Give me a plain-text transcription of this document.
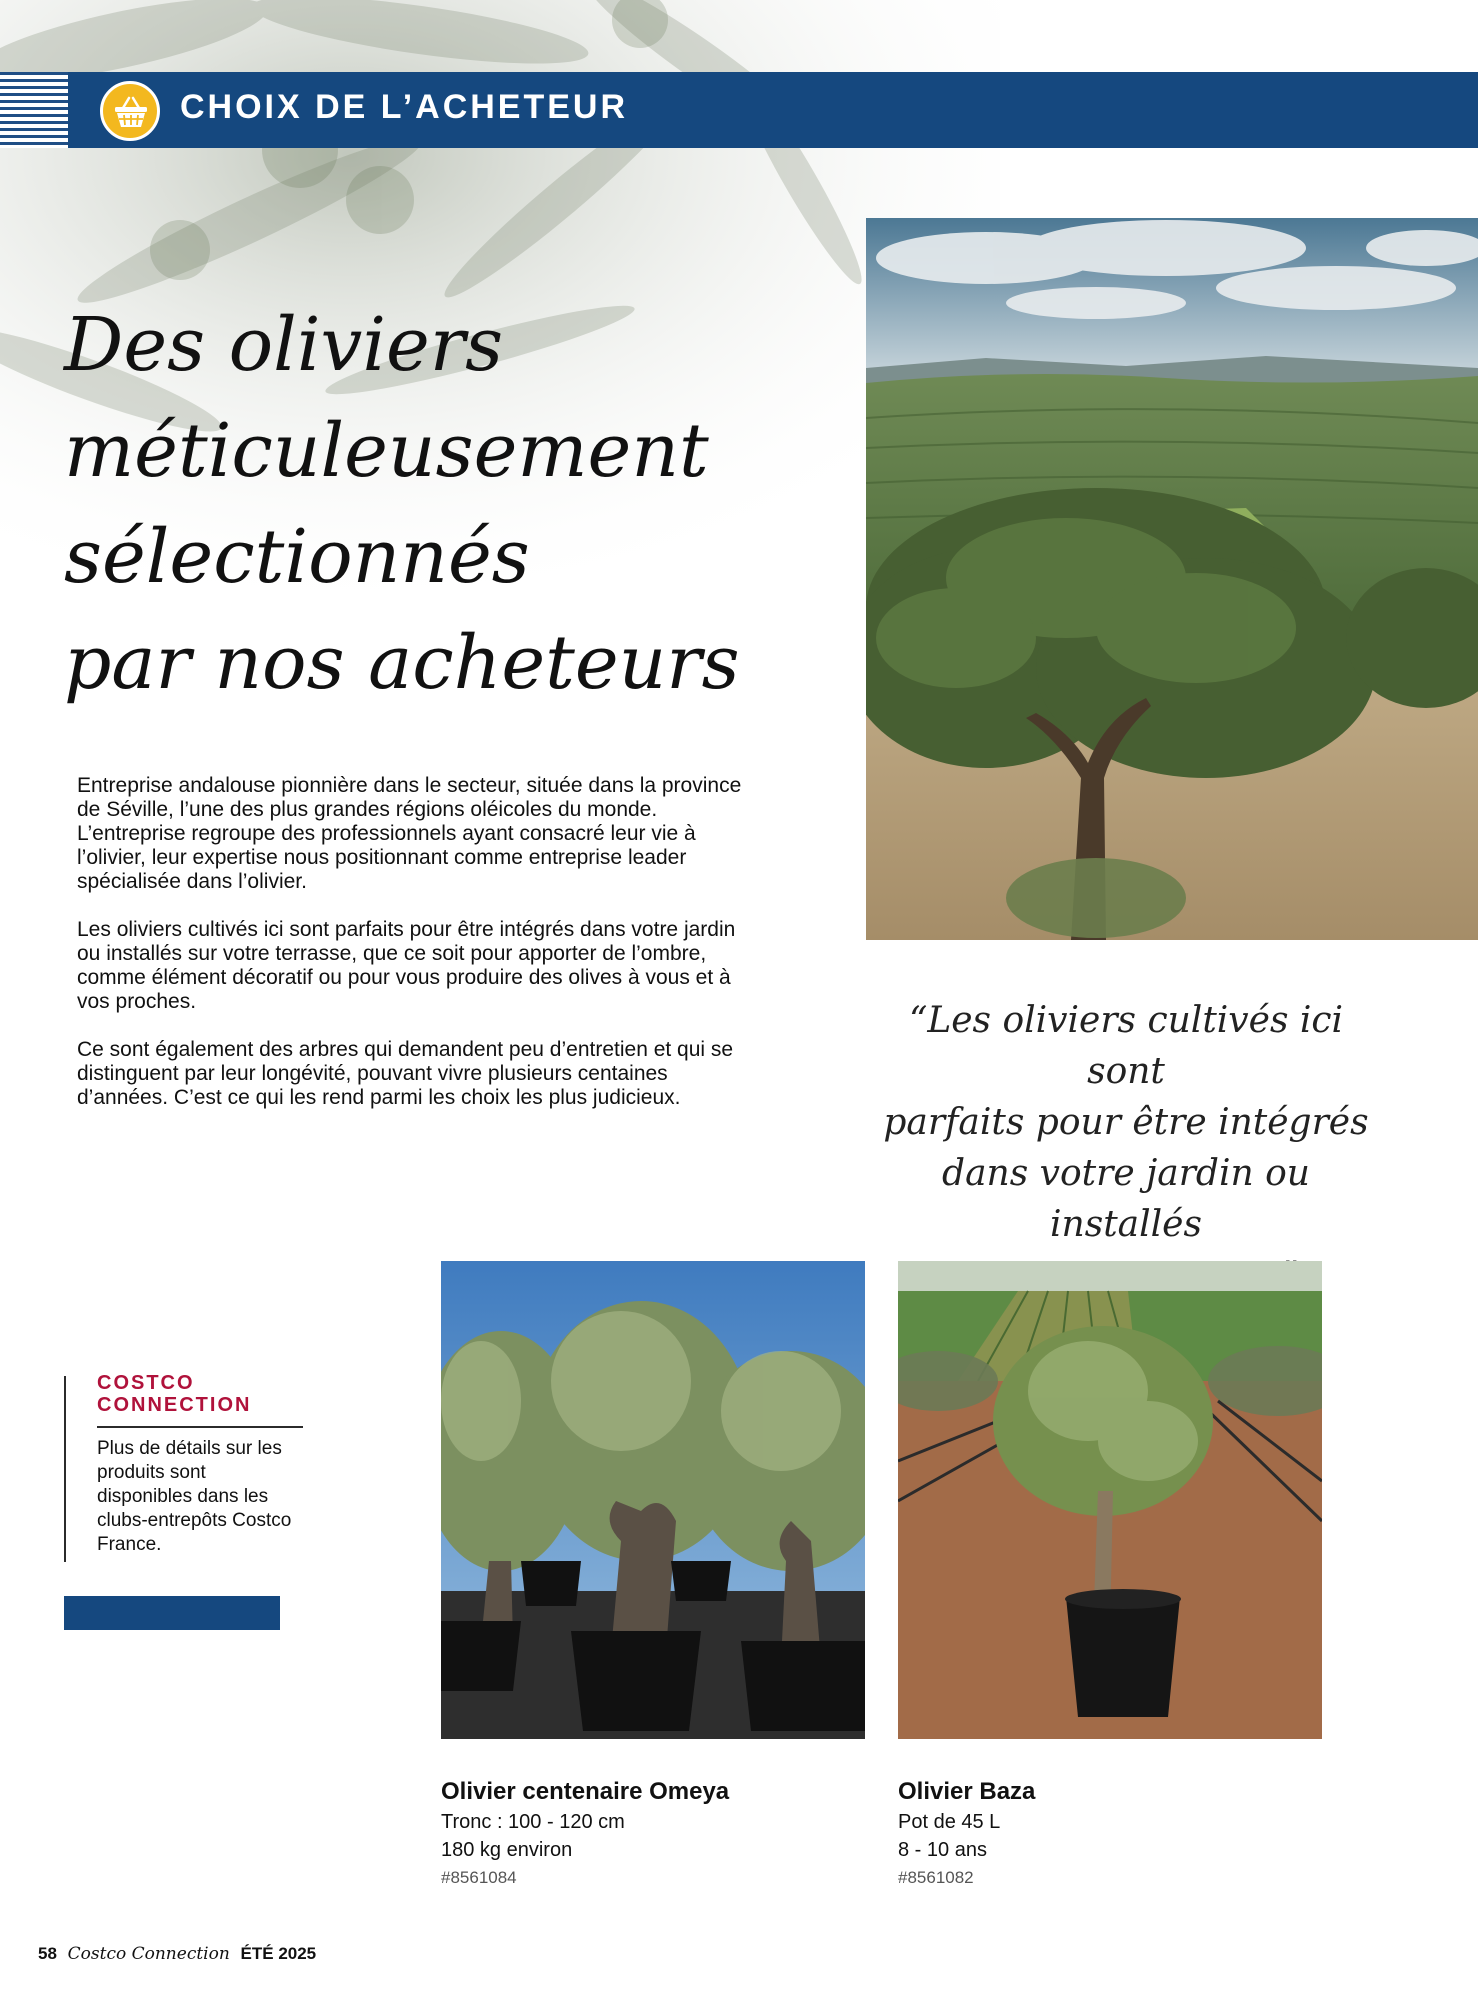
CHOIX DE L’ACHETEUR
Des oliviers
méticuleusement
sélectionnés
par nos acheteurs

Entreprise andalouse pionnière dans le secteur, située dans la province de Séville, l’une des plus grandes régions oléicoles du monde. L’entreprise regroupe des professionnels ayant consacré leur vie à l’olivier, leur expertise nous positionnant comme entreprise leader spécialisée dans l’olivier.

Les oliviers cultivés ici sont parfaits pour être intégrés dans votre jardin ou installés sur votre terrasse, que ce soit pour apporter de l’ombre, comme élément décoratif ou pour vous produire des olives à vous et à vos proches.

Ce sont également des arbres qui demandent peu d’entretien et qui se distinguent par leur longévité, pouvant vivre plusieurs centaines d’années. C’est ce qui les rend parmi les choix les plus judicieux.

“Les oliviers cultivés ici sont
parfaits pour être intégrés
dans votre jardin ou installés
COSTCO
CONNECTION
Plus de détails sur les produits sont disponibles dans les clubs-entrepôts Costco France.
Olivier centenaire Omeya
Tronc : 100 - 120 cm
180 kg environ
#8561084
Olivier Baza
Pot de 45 L
8 - 10 ans
#8561082
58 Costco Connection ÉTÉ 2025
